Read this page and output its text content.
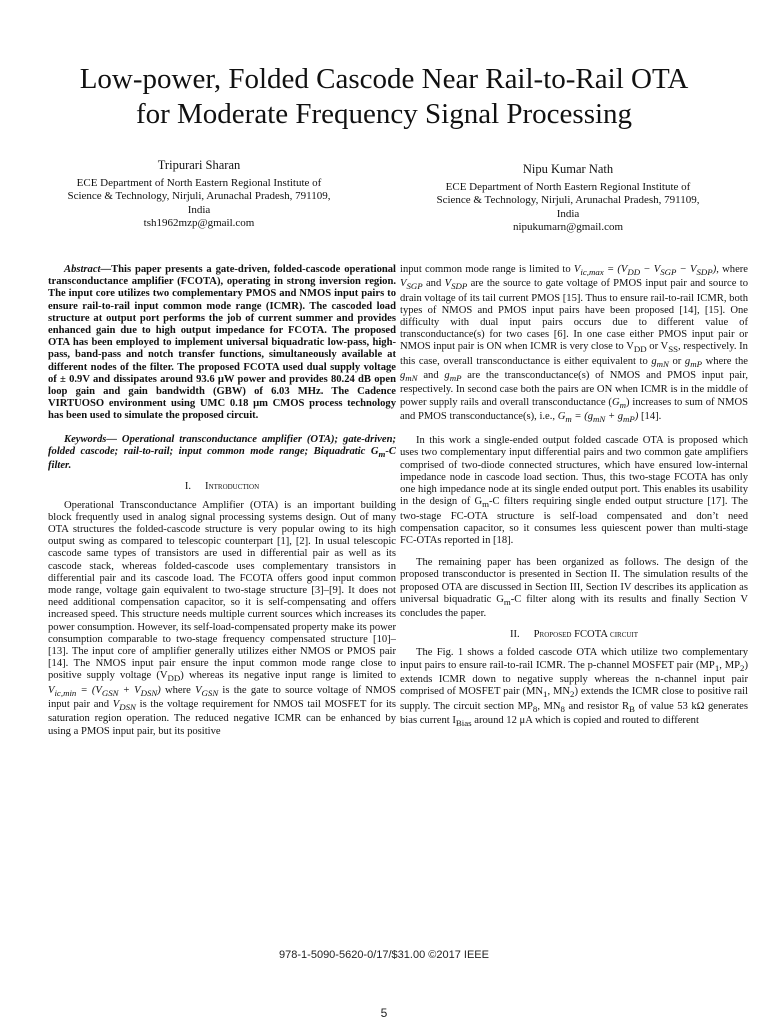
Low-power, Folded Cascode Near Rail-to-Rail OTA
for Moderate Frequency Signal Processing
Tripurari Sharan
ECE Department of North Eastern Regional Institute of
Science & Technology, Nirjuli, Arunachal Pradesh, 791109,
India
tsh1962mzp@gmail.com
Nipu Kumar Nath
ECE Department of North Eastern Regional Institute of
Science & Technology, Nirjuli, Arunachal Pradesh, 791109,
India
nipukumarn@gmail.com

Abstract—This paper presents a gate-driven, folded-cascode operational transconductance amplifier (FCOTA), operating in strong inversion region. The input core utilizes two complementary PMOS and NMOS input pairs to ensure rail-to-rail input common mode range (ICMR). The cascoded load structure at output port performs the job of current summer and provides enhanced gain due to high output impedance for FCOTA. The proposed OTA has been employed to implement universal biquadratic low-pass, high-pass, band-pass and notch transfer functions, simultaneously available at different nodes of the filter. The proposed FCOTA used dual supply voltage of ± 0.9V and dissipates around 93.6 μW power and provides 80.24 dB open loop gain and gain bandwidth (GBW) of 6.03 MHz. The Cadence VIRTUOSO environment using UMC 0.18 μm CMOS process technology has been used to simulate the proposed circuit.

Keywords— Operational transconductance amplifier (OTA); gate-driven; folded cascode; rail-to-rail; input common mode range; Biquadratic $G_m-C$ filter.

I. Introduction

Operational Transconductance Amplifier (OTA) is an important building block frequently used in analog signal processing systems design. Out of many OTA structures the folded-cascode structure is very popular owing to its high output swing as compared to telescopic counterpart [1], [2]. In usual telescopic cascode same types of transistors are used in differential pair as well as its cascode stack, whereas folded-cascode uses complementary transistors in differential pair and its cascode load. The FCOTA offers good input common mode range, voltage gain equivalent to two-stage structure [3]–[9]. It does not need additional compensation capacitor, so it is self-compensating and offers increased speed. This structure needs multiple current sources which increases its power consumption. However, its self-load-compensated property make its power consumption comparable to two-stage frequency compensated structure [10]–[13]. The input core of amplifier generally utilizes either NMOS or PMOS pair [14]. The NMOS input pair ensure the input common mode range close to positive supply voltage $(V_{DD})$ whereas its negative input range is limited to $V_{ic,min} = (V_{GSN} + V_{DSN})$ where $V_{GSN}$ is the gate to source voltage of NMOS input pair and $V_{DSN}$ is the voltage requirement for NMOS tail MOSFET for its saturation region operation. The reduced negative ICMR can be enhanced by using a PMOS input pair, but its positive

input common mode range is limited to $V_{ic,max} = (V_{DD} - V_{SGP} - V_{SDP})$, where $V_{SGP}$ and $V_{SDP}$ are the source to gate voltage of PMOS input pair and source to drain voltage of its tail current PMOS [15]. Thus to ensure rail-to-rail ICMR, both types of NMOS and PMOS input pairs have been proposed [14], [15]. One difficulty with dual input pairs occurs due to different value of transconductance(s) for two cases [6]. In one case either PMOS input pair or NMOS input pair is ON when ICMR is very close to $V_{DD}$ or $V_{SS}$, respectively. In this case, overall transconductance is either equivalent to $g_{mN}$ or $g_{mP}$ where the $g_{mN}$ and $g_{mP}$ are the transconductance(s) of NMOS and PMOS input pair, respectively. In second case both the pairs are ON when ICMR is in the middle of power supply rails and overall transconductance $(G_m)$ increases to sum of NMOS and PMOS transconductance(s), i.e., $G_m = (g_{mN} + g_{mP})$ [14].

In this work a single-ended output folded cascade OTA is proposed which uses two complementary input differential pairs and two common gate amplifiers comprised of two-diode connected structures, which have ensured low-internal impedance node in cascode load section. Thus, this two-stage FCOTA has only one high impedance node at its single ended output port. This enables its usability in the design of $G_m-C$ filters requiring single ended output structure [17]. The two-stage FC-OTA structure is self-load compensated and don’t need compensation capacitor, so it consumes less quiescent power than multi-stage FC-OTAs reported in [18].

The remaining paper has been organized as follows. The design of the proposed transconductor is presented in Section II. The simulation results of the proposed OTA are discussed in Section III, Section IV describes its application as universal biquadratic $G_m-C$ filter along with its results and finally Section V concludes the paper.

II. Proposed FCOTA circuit

The Fig. 1 shows a folded cascode OTA which utilize two complementary input pairs to ensure rail-to-rail ICMR. The p-channel MOSFET pair ($MP_1$, $MP_2$) extends ICMR down to negative supply whereas the n-channel input pair comprised of MOSFET pair ($MN_1$, $MN_2$) extends the ICMR close to positive rail supply. The circuit section $MP_8$, $MN_8$ and resistor $R_B$ of value 53 kΩ generates bias current $I_{Bias}$ around 12 μA which is copied and routed to different

978-1-5090-5620-0/17/$31.00 ©2017 IEEE
5
